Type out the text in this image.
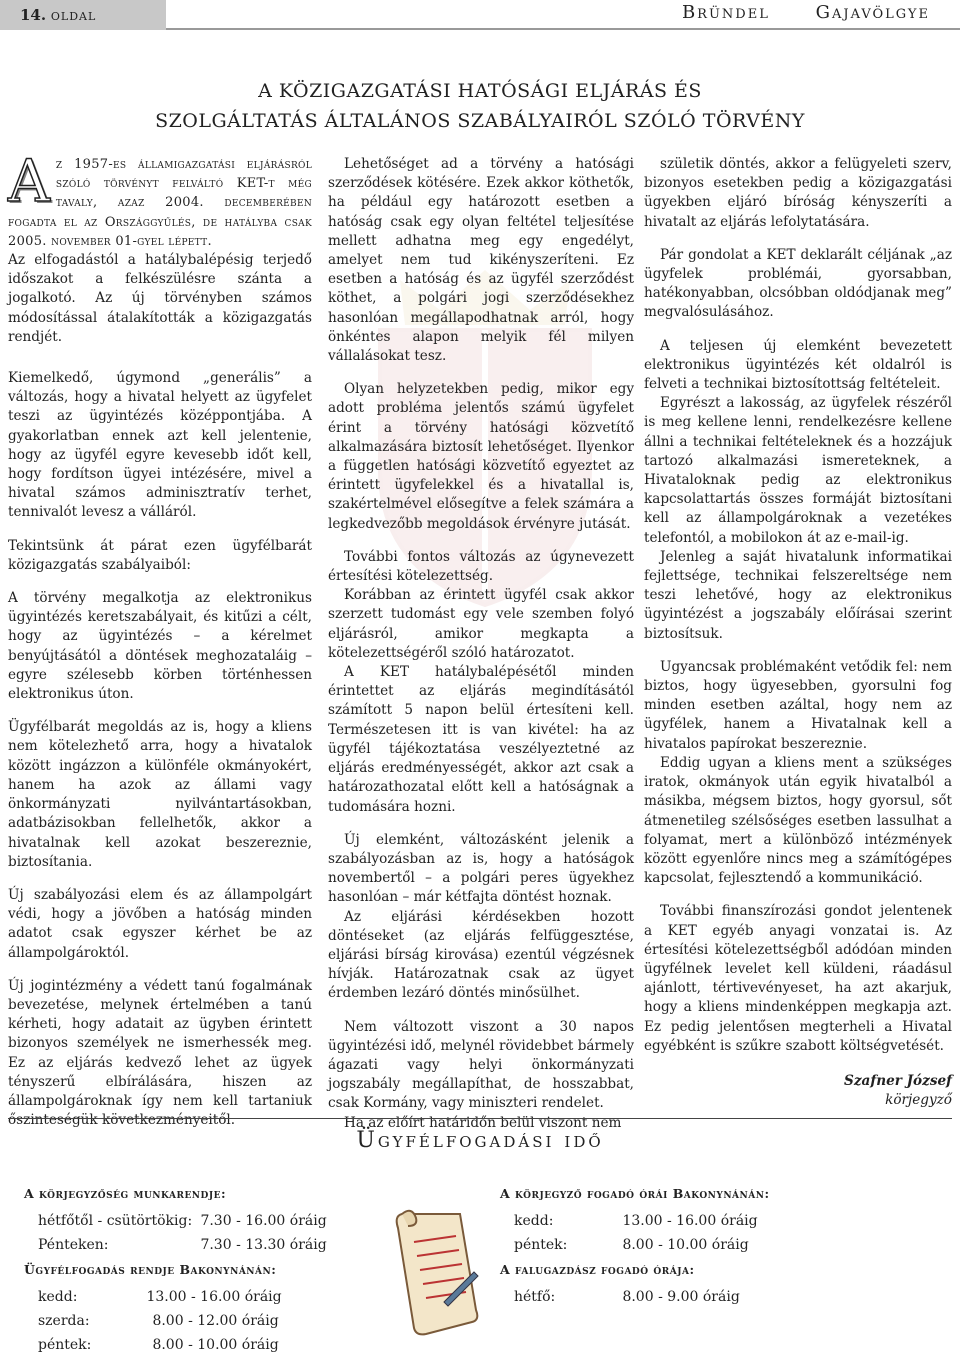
14. oldal	Bründel	Gajavölgye
A KÖZIGAZGATÁSI HATÓSÁGI ELJÁRÁS ÉS
SZOLGÁLTATÁS ÁLTALÁNOS SZABÁLYAIRÓL SZÓLÓ TÖRVÉNY

A z 1957-es államigazgatási eljárásról szóló törvényt felváltó KET-t még tavaly, azaz 2004. decemberében fogadta el az Országgyűlés, de hatályba csak 2005. november 01-gyel lépett.

Az elfogadástól a hatálybalépésig terjedő időszakot a felkészülésre szánta a jogalkotó. Az új törvényben számos módosítással átalakították a közigazgatás rendjét.

Kiemelkedő, úgymond „generális” a változás, hogy a hivatal helyett az ügyfelet teszi az ügyintézés középpontjába. A gyakorlatban ennek azt kell jelentenie, hogy az ügyfél egyre kevesebb időt kell, hogy fordítson ügyei intézésére, mivel a hivatal számos adminisztratív terhet, tennivalót levesz a válláról.

Tekintsünk át párat ezen ügyfélbarát közigazgatás szabályaiból:

A törvény megalkotja az elektronikus ügyintézés keretszabályait, és kitűzi a célt, hogy az ügyintézés – a kérelmet benyújtásától a döntések meghozataláig – egyre szélesebb körben történhessen elektronikus úton.

Ügyfélbarát megoldás az is, hogy a kliens nem kötelezhető arra, hogy a hivatalok között ingázzon a különféle okmányokért, hanem ha azok az állami vagy önkormányzati nyilvántartásokban, adatbázisokban fellelhetők, akkor a hivatalnak kell azokat beszereznie, biztosítania.

Új szabályozási elem és az állampolgárt védi, hogy a jövőben a hatóság minden adatot csak egyszer kérhet be az állampolgároktól.

Új jogintézmény a védett tanú fogalmának bevezetése, melynek értelmében a tanú kérheti, hogy adatait az ügyben érintett bizonyos személyek ne ismerhessék meg. Ez az eljárás kedvező lehet az ügyek tényszerű elbírálására, hiszen az állampolgároknak így nem kell tartaniuk őszinteségük következményeitől.

Lehetőséget ad a törvény a hatósági szerződések kötésére. Ezek akkor köthetők, ha például egy határozott esetben a hatóság csak egy olyan feltétel teljesítése mellett adhatna meg egy engedélyt, amelyet nem tud kikényszeríteni. Ez esetben a hatóság és az ügyfél szerződést köthet, a polgári jogi szerződésekhez hasonlóan megállapodhatnak arról, hogy önkéntes alapon melyik fél milyen vállalásokat tesz.

Olyan helyzetekben pedig, mikor egy adott probléma jelentős számú ügyfelet érint a törvény hatósági közvetítő alkalmazására biztosít lehetőséget. Ilyenkor a független hatósági közvetítő egyeztet az érintett ügyfelekkel és a hivatallal is, szakértelmével elősegítve a felek számára a legkedvezőbb megoldások érvényre jutását.

További fontos változás az úgynevezett értesítési kötelezettség.

Korábban az érintett ügyfél csak akkor szerzett tudomást egy vele szemben folyó eljárásról, amikor megkapta a kötelezettségéről szóló határozatot.

A KET hatálybalépésétől minden érintettet az eljárás megindításától számított 5 napon belül értesíteni kell. Természetesen itt is van kivétel: ha az ügyfél tájékoztatása veszélyeztetné az eljárás eredményességét, akkor azt csak a határozathozatal előtt kell a hatóságnak a tudomására hozni.

Új elemként, változásként jelenik a szabályozásban az is, hogy a hatóságok novembertől – a polgári peres ügyekhez hasonlóan – már kétfajta döntést hoznak.

Az eljárási kérdésekben hozott döntéseket (az eljárás felfüggesztése, eljárási bírság kirovása) ezentúl végzésnek hívják. Határozatnak csak az ügyet érdemben lezáró döntés minősülhet.

Nem változott viszont a 30 napos ügyintézési idő, melynél rövidebbet bármely ágazati vagy helyi önkormányzati jogszabály megállapíthat, de hosszabbat, csak Kormány, vagy miniszteri rendelet.

Ha az előírt határidőn belül viszont nem

születik döntés, akkor a felügyeleti szerv, bizonyos esetekben pedig a közigazgatási ügyekben eljáró bíróság kényszeríti a hivatalt az eljárás lefolytatására.

Pár gondolat a KET deklarált céljának „az ügyfelek problémái, gyorsabban, hatékonyabban, olcsóbban oldódjanak meg” megvalósulásához.

A teljesen új elemként bevezetett elektronikus ügyintézés két oldalról is felveti a technikai biztosítottság feltételeit.

Egyrészt a lakosság, az ügyfelek részéről is meg kellene lenni, rendelkezésre kellene állni a technikai feltételeknek és a hozzájuk tartozó alkalmazási ismereteknek, a Hivataloknak pedig az elektronikus kapcsolattartás összes formáját biztosítani kell az állampolgároknak a vezetékes telefontól, a mobilokon át az e-mail-ig.

Jelenleg a saját hivatalunk informatikai fejlettsége, technikai felszereltsége nem teszi lehetővé, hogy az elektronikus ügyintézést a jogszabály előírásai szerint biztosítsuk.

Ugyancsak problémaként vetődik fel: nem biztos, hogy ügyesebben, gyorsulni fog minden esetben azáltal, hogy nem az ügyfélek, hanem a Hivatalnak kell a hivatalos papírokat beszereznie.

Eddig ugyan a kliens ment a szükséges iratok, okmányok után egyik hivatalból a másikba, mégsem biztos, hogy gyorsul, sőt átmenetileg szélsőséges esetben lassulhat a folyamat, mert a különböző intézmények között egyenlőre nincs meg a számítógépes kapcsolat, fejlesztendő a kommunikáció.

További finanszírozási gondot jelentenek a KET egyéb anyagi vonzatai is. Az értesítési kötelezettségből adódóan minden ügyfélnek levelet kell küldeni, ráadásul ajánlott, tértivevényeset, ha azt akarjuk, hogy a kliens mindenképpen megkapja azt. Ez pedig jelentősen megterheli a Hivatal egyébként is szűkre szabott költségvetését.

Szafner József
körjegyző
Ügyfélfogadási idő
A körjegyzőség munkarendje:
hétfőtől - csütörtökig: 7.30 - 16.00 óráig
Pénteken:	7.30 - 13.30 óráig
Ügyfélfogadás rendje Bakonynánán:
kedd:	13.00 - 16.00 óráig
szerda:	8.00 - 12.00 óráig
péntek:	8.00 - 10.00 óráig
A körjegyző fogadó órái Bakonynánán:
kedd:	13.00 - 16.00 óráig
péntek:	8.00 - 10.00 óráig
A falugazdász fogadó órája:
hétfő:	8.00 - 9.00 óráig
